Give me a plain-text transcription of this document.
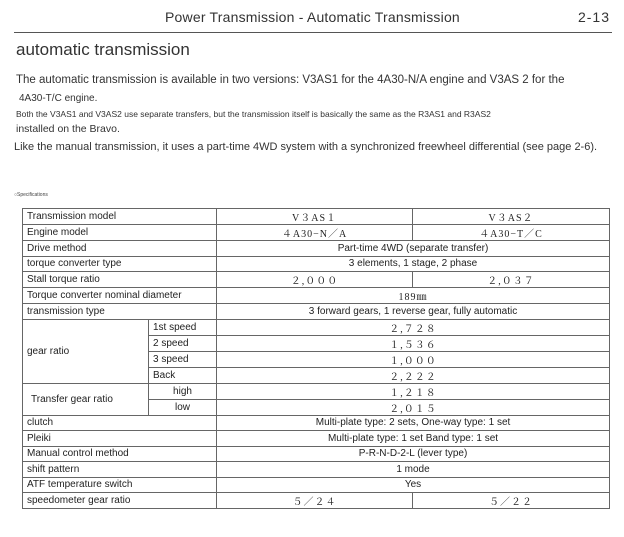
Power Transmission - Automatic Transmission	2-13
automatic transmission
The automatic transmission is available in two versions: V3AS1 for the 4A30-N/A engine and V3AS 2 for the
4A30-T/C engine.
Both the V3AS1 and V3AS2 use separate transfers, but the transmission itself is basically the same as the R3AS1 and R3AS2
installed on the Bravo.
Like the manual transmission, it uses a part-time 4WD system with a synchronized freewheel differential (see page 2-6).
○Specifications
Transmission model		V３AS１	V３AS２
Engine model		４A30−N／A	４A30−T／C
Drive method		Part-time 4WD (separate transfer)	
torque converter type		3 elements, 1 stage, 2 phase	
Stall torque ratio		２,０００	２,０３７
Torque converter nominal diameter		189㎜	
transmission type		3 forward gears, 1 reverse gear, fully automatic	
gear ratio	1st speed	２,７２８	
	2 speed	１,５３６	
	3 speed	１,０００	
	Back	２,２２２	
Transfer gear ratio	high	１,２１８	
	low	２,０１５	
clutch		Multi-plate type: 2 sets, One-way type: 1 set	
Pleiki		Multi-plate type: 1 set Band type: 1 set	
Manual control method		P-R-N-D-2-L (lever type)	
shift pattern		1 mode	
ATF temperature switch		Yes	
speedometer gear ratio		５／２４	５／２２
